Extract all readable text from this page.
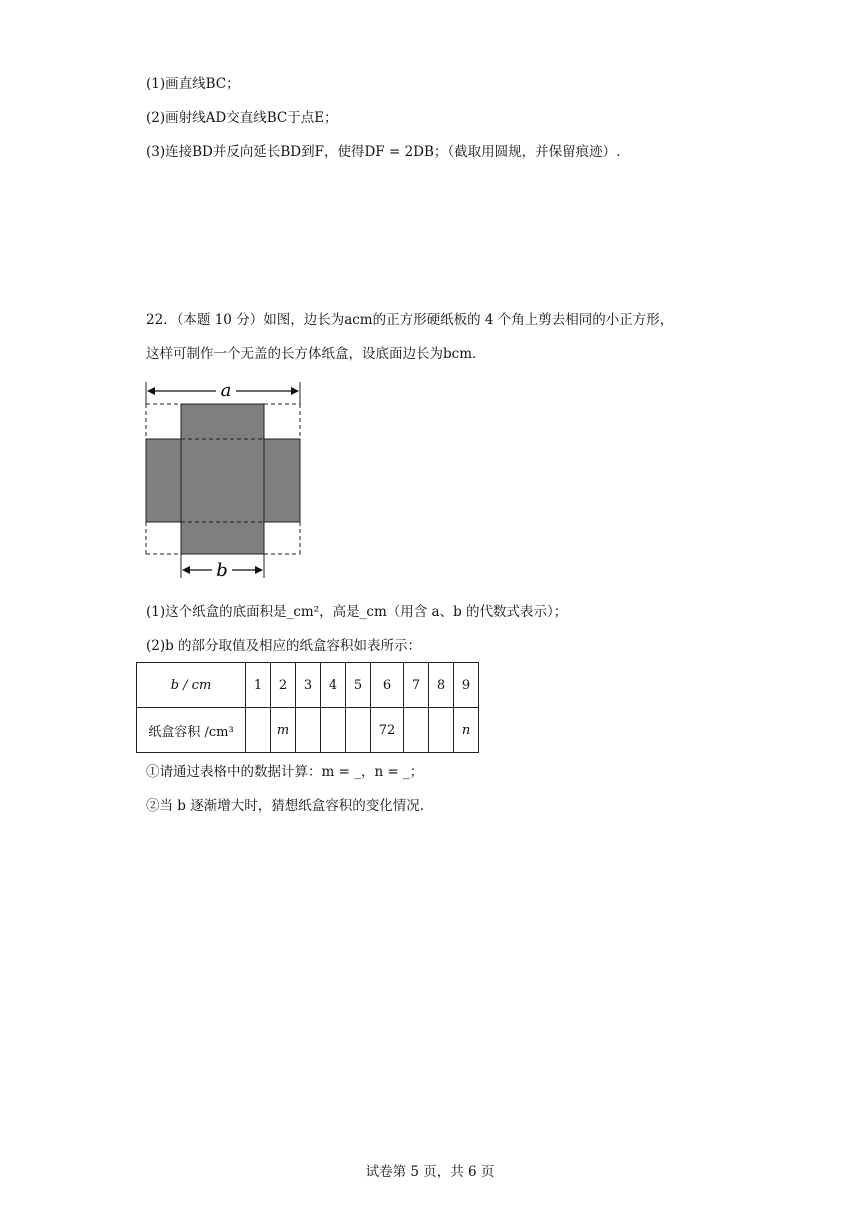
(1)画直线BC；
(2)画射线AD交直线BC于点E；
(3)连接BD并反向延长BD到F，使得DF = 2DB；（截取用圆规，并保留痕迹）.
22．（本题 10 分）如图，边长为acm的正方形硬纸板的 4 个角上剪去相同的小正方形，
这样可制作一个无盖的长方体纸盒，设底面边长为bcm．
a
b
(1)这个纸盒的底面积是_cm²，高是_cm（用含 a、b 的代数式表示）；
(2)b 的部分取值及相应的纸盒容积如表所示：
b / cm	1	2	3	4	5	6	7	8	9
纸盒容积 /cm³		m				72			n
①请通过表格中的数据计算：m = _，n = _；
②当 b 逐渐增大时，猜想纸盒容积的变化情况.
试卷第 5 页，共 6 页
